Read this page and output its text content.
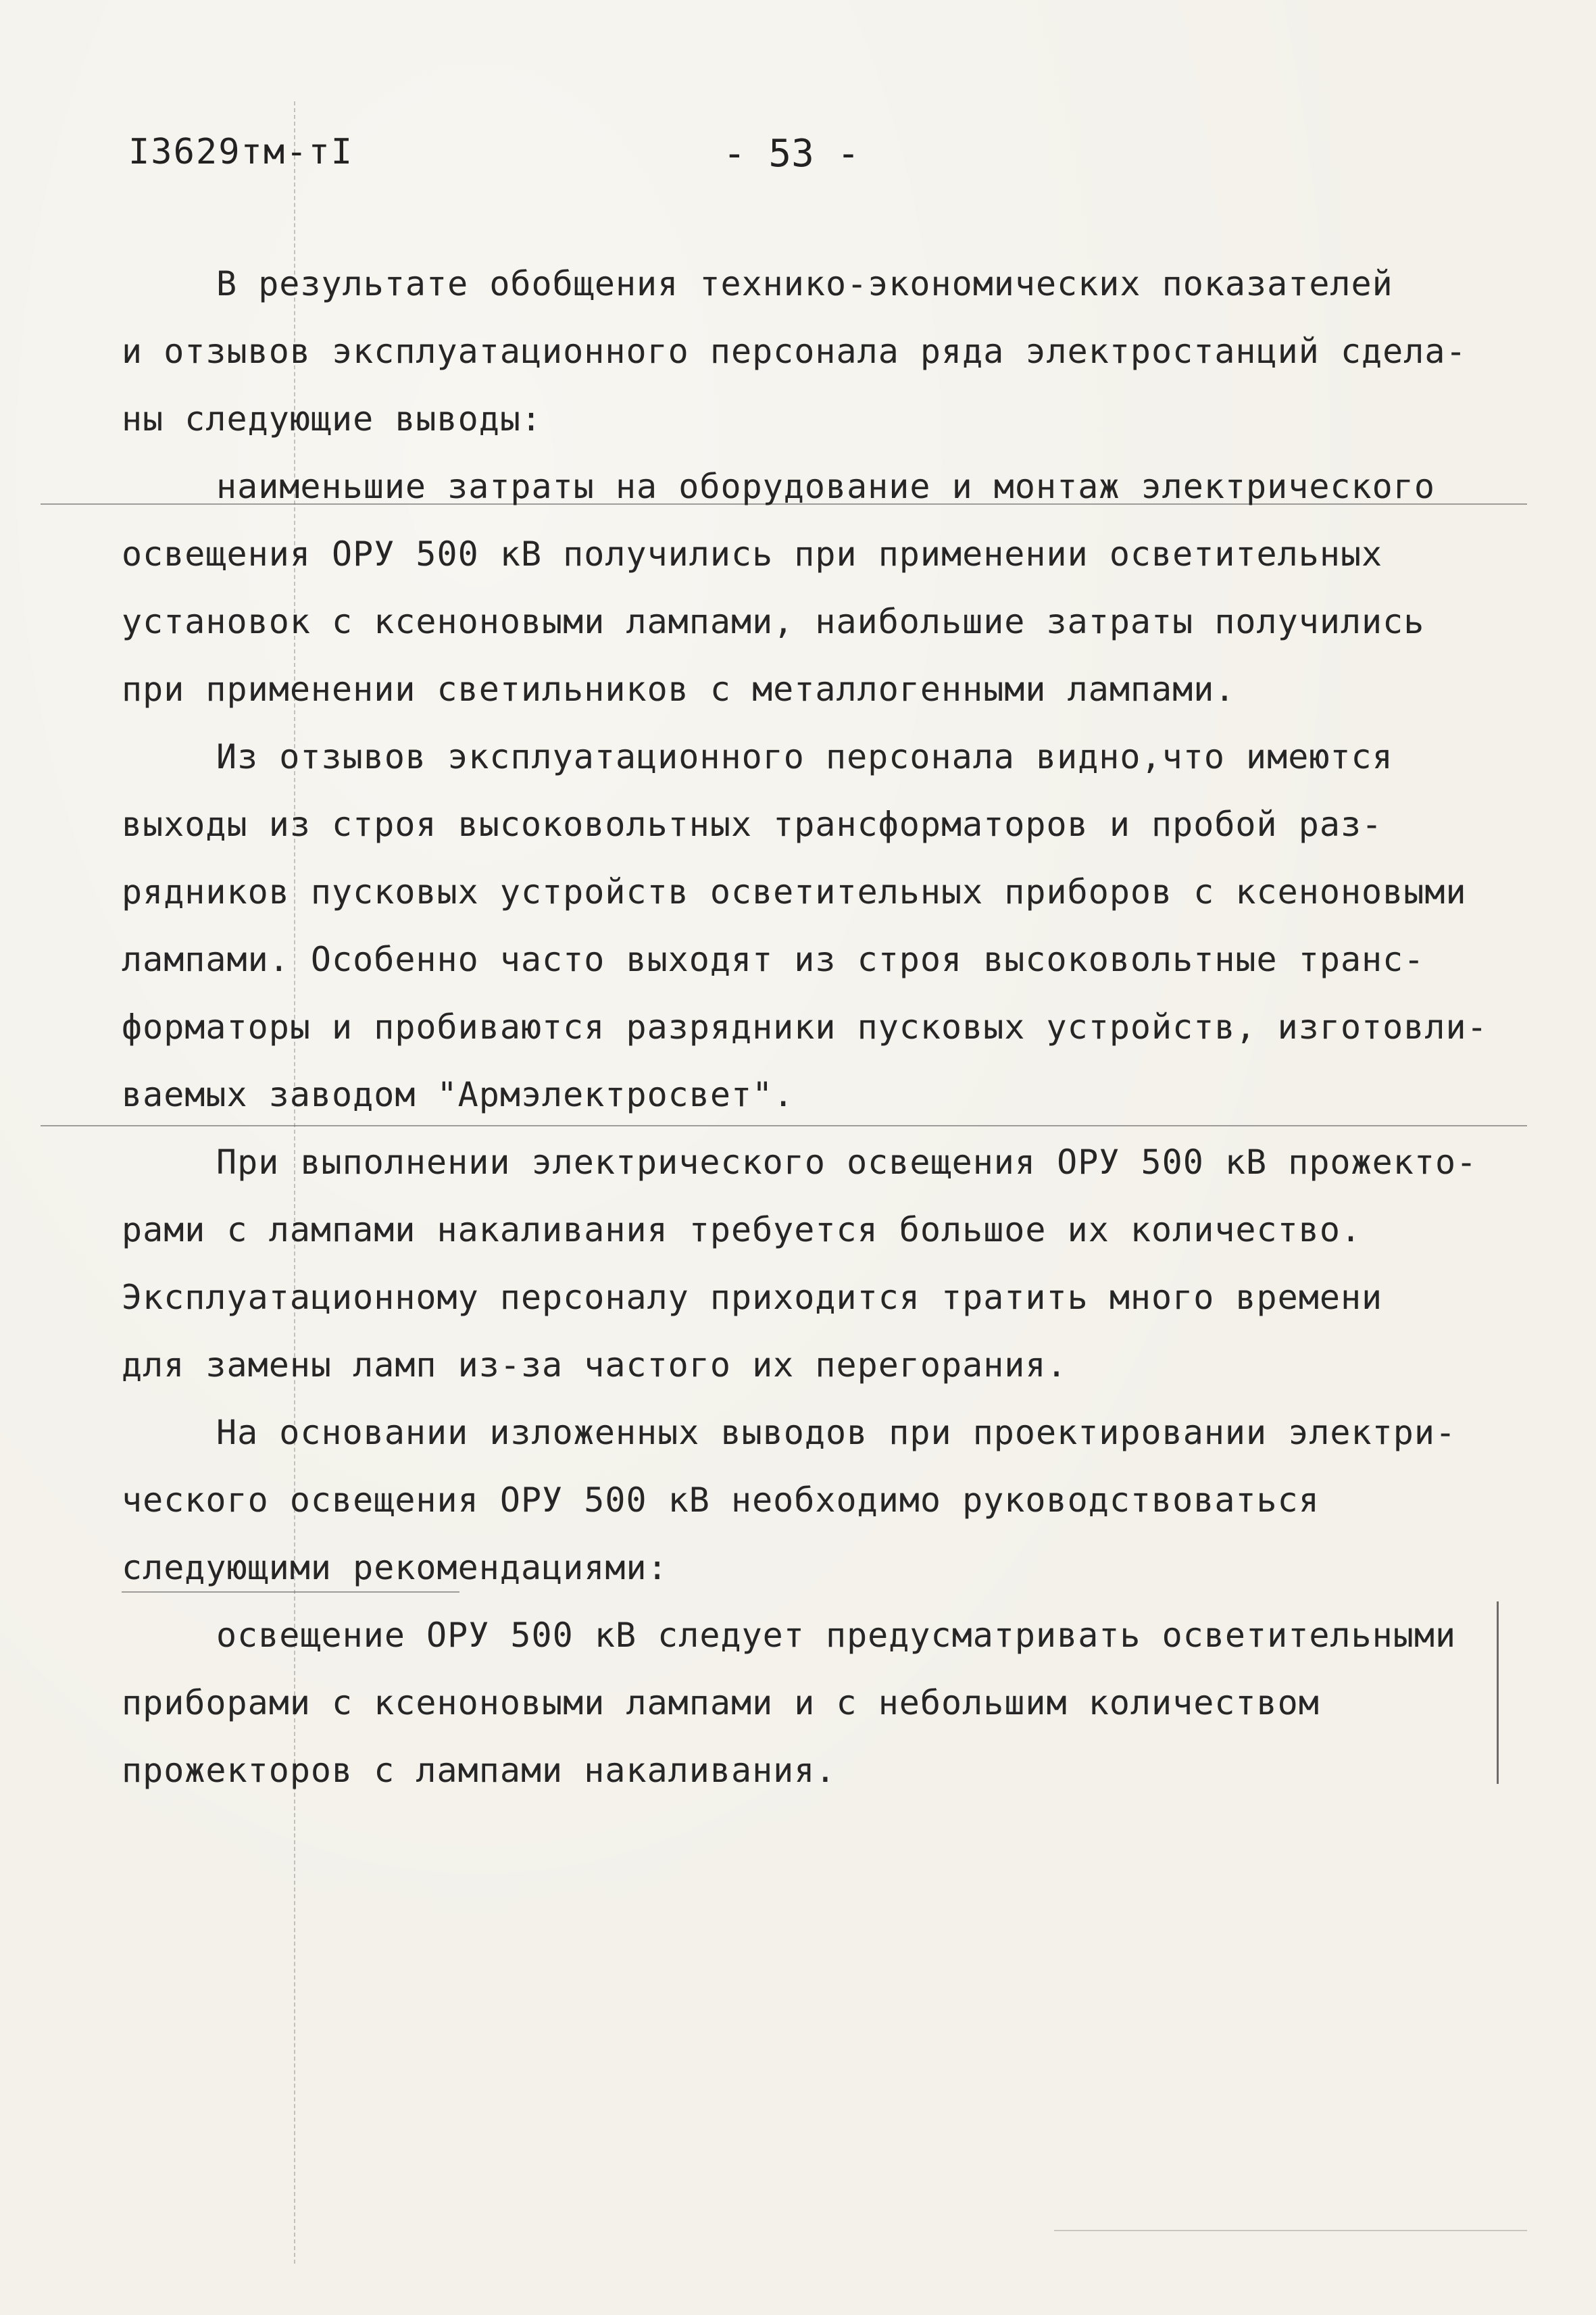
I3629тм-тI	- 53 -
В результате обобщения технико-экономических показателей
и отзывов эксплуатационного персонала ряда электростанций сдела-
ны следующие выводы:
наименьшие затраты на оборудование и монтаж электрического
освещения ОРУ 500 кВ получились при применении осветительных
установок с ксеноновыми лампами, наибольшие затраты получились
при применении светильников с металлогенными лампами.
Из отзывов эксплуатационного персонала видно,что имеются
выходы из строя высоковольтных трансформаторов и пробой раз-
рядников пусковых устройств осветительных приборов с ксеноновыми
лампами. Особенно часто выходят из строя высоковольтные транс-
форматоры и пробиваются разрядники пусковых устройств, изготовли-
ваемых заводом "Армэлектросвет".
При выполнении электрического освещения ОРУ 500 кВ прожекто-
рами с лампами накаливания требуется большое их количество.
Эксплуатационному персоналу приходится тратить много времени
для замены ламп из-за частого их перегорания.
На основании изложенных выводов при проектировании электри-
ческого освещения ОРУ 500 кВ необходимо руководствоваться
следующими рекомендациями:
освещение ОРУ 500 кВ следует предусматривать осветительными
приборами с ксеноновыми лампами и с небольшим количеством
прожекторов с лампами накаливания.
